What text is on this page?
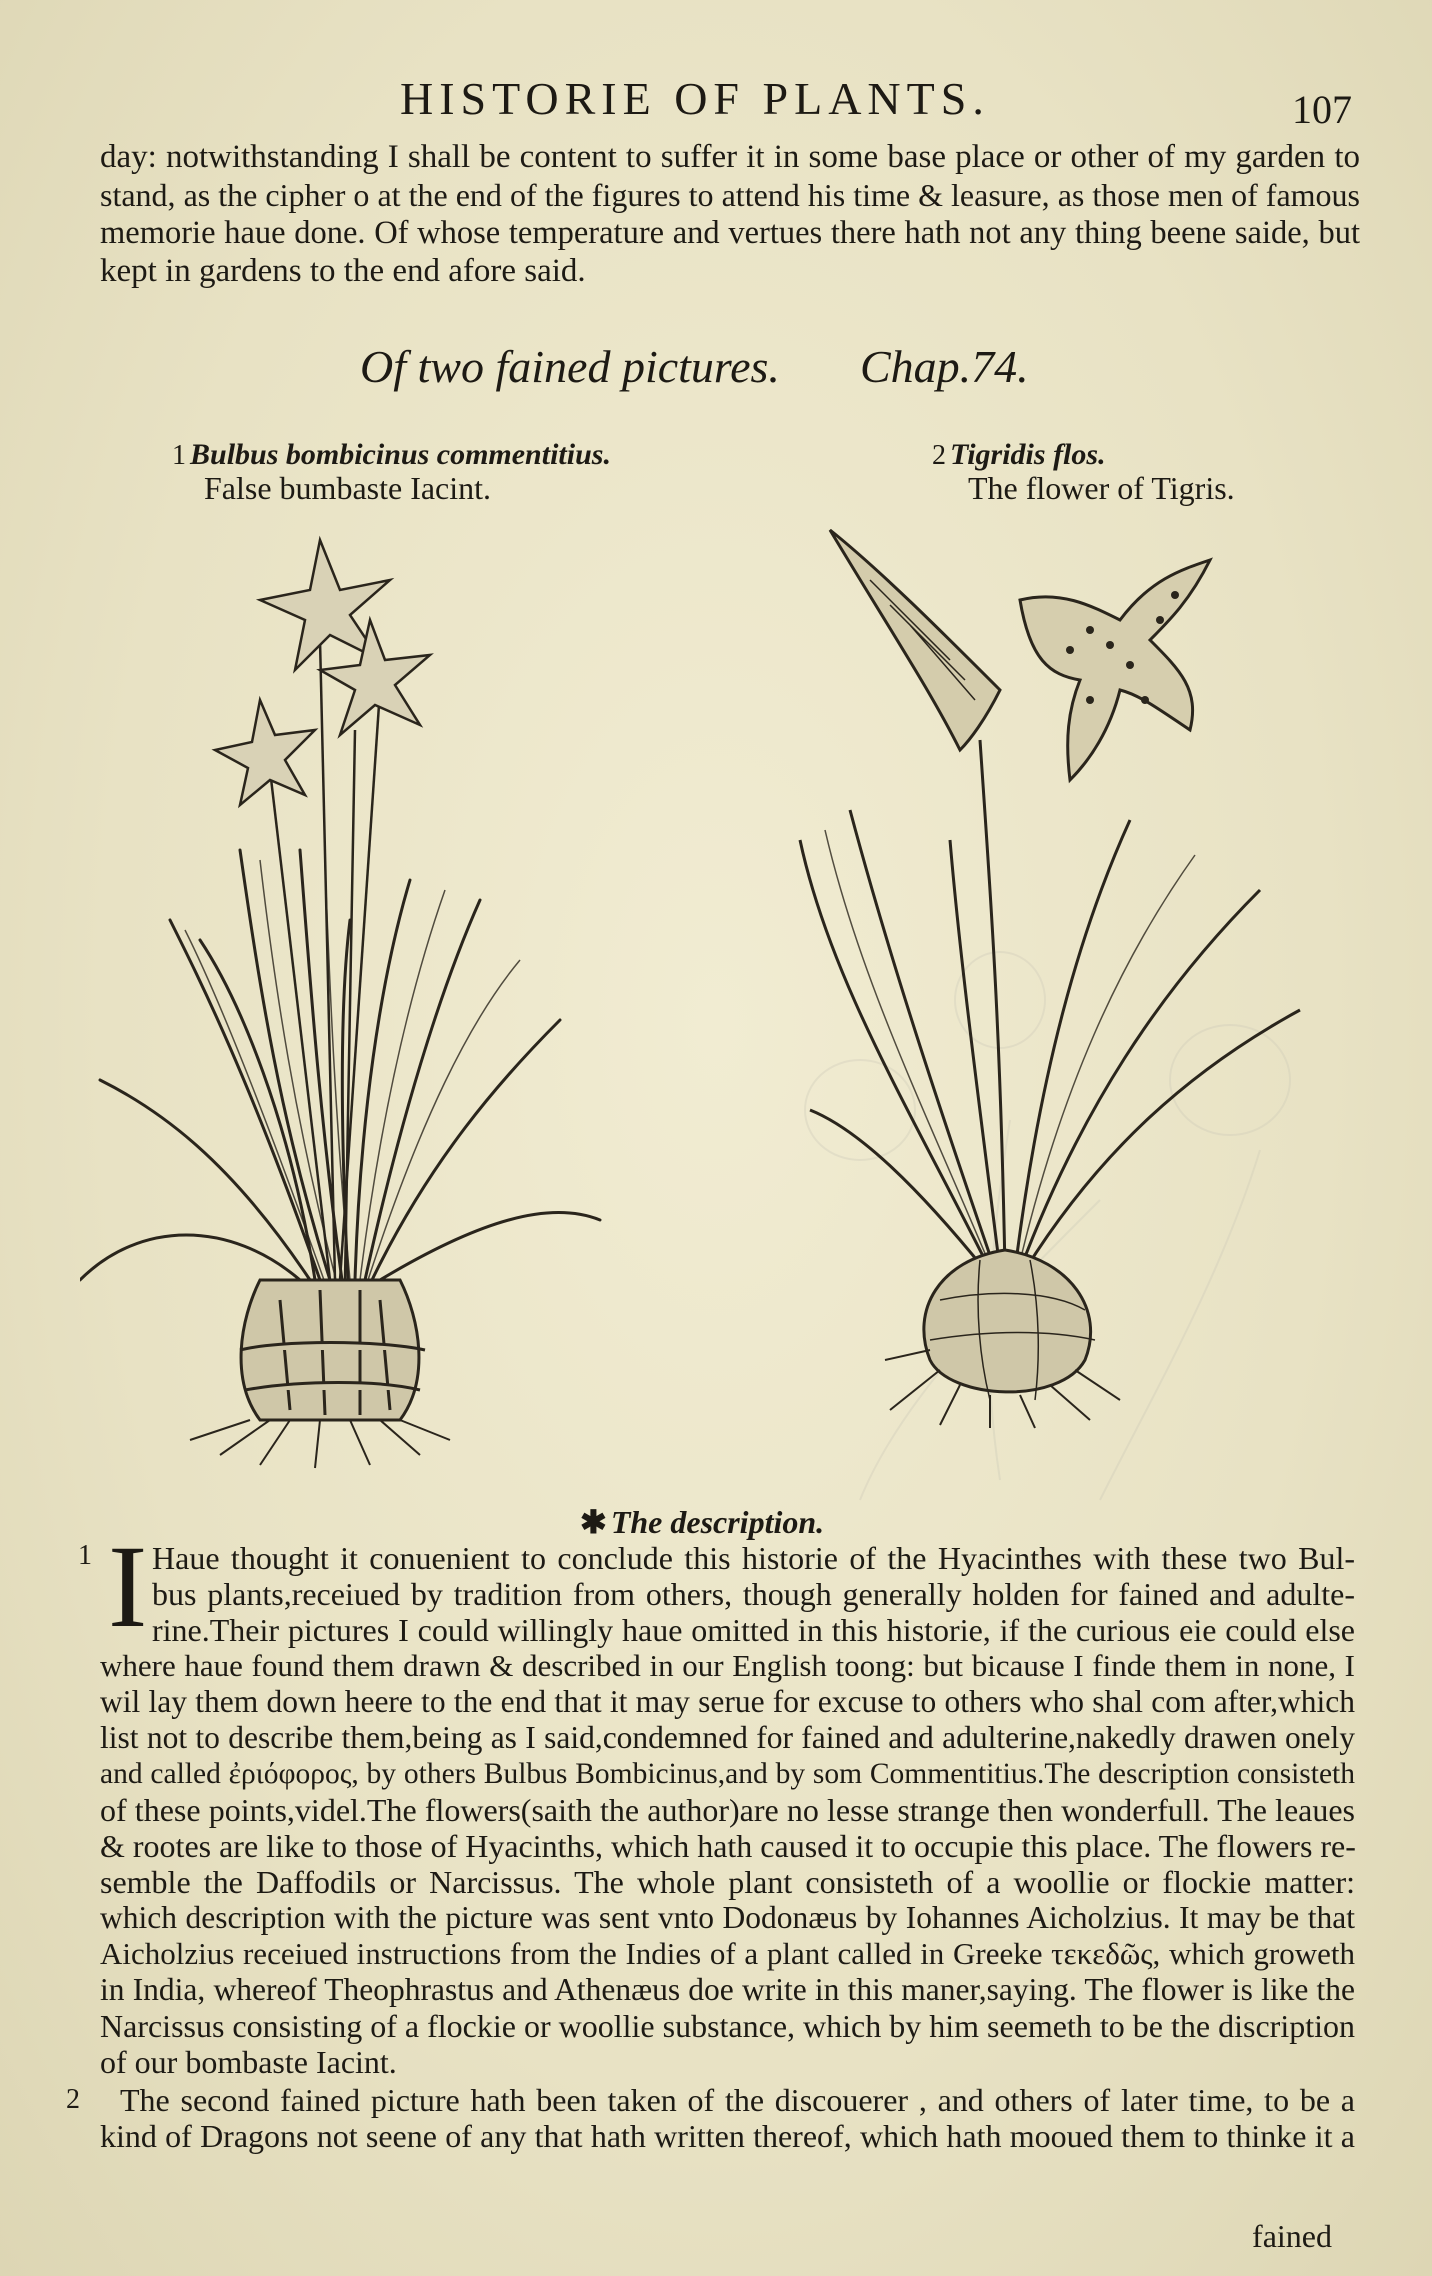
HISTORIE OF PLANTS.	107
day: notwithstanding I shall be content to suffer it in some base place or other of my garden to
stand, as the cipher o at the end of the figures to attend his time & leasure, as those men of famous
memorie haue done. Of whose temperature and vertues there hath not any thing beene saide, but
kept in gardens to the end afore said.
Of two fained pictures. Chap.74.
1 Bulbus bombicinus commentitius.
False bumbaste Iacint.
2 Tigridis flos.
The flower of Tigris.
✱ The description.
1 I Haue thought it conuenient to conclude this historie of the Hyacinthes with these two Bul-
bus plants,receiued by tradition from others, though generally holden for fained and adulte-
rine.Their pictures I could willingly haue omitted in this historie, if the curious eie could else
where haue found them drawn & described in our English toong: but bicause I finde them in none, I
wil lay them down heere to the end that it may serue for excuse to others who shal com after,which
list not to describe them,being as I said,condemned for fained and adulterine,nakedly drawen onely
and called ἐριόφορος, by others Bulbus Bombicinus,and by som Commentitius.The description consisteth
of these points,videl.The flowers(saith the author)are no lesse strange then wonderfull. The leaues
& rootes are like to those of Hyacinths, which hath caused it to occupie this place. The flowers re-
semble the Daffodils or Narcissus. The whole plant consisteth of a woollie or flockie matter:
which description with the picture was sent vnto Dodonæus by Iohannes Aicholzius. It may be that
Aicholzius receiued instructions from the Indies of a plant called in Greeke τεκεδῶς, which groweth
in India, whereof Theophrastus and Athenæus doe write in this maner,saying. The flower is like the
Narcissus consisting of a flockie or woollie substance, which by him seemeth to be the discription
of our bombaste Iacint.
2 The second fained picture hath been taken of the discouerer , and others of later time, to be a
kind of Dragons not seene of any that hath written thereof, which hath mooued them to thinke it a
fained
